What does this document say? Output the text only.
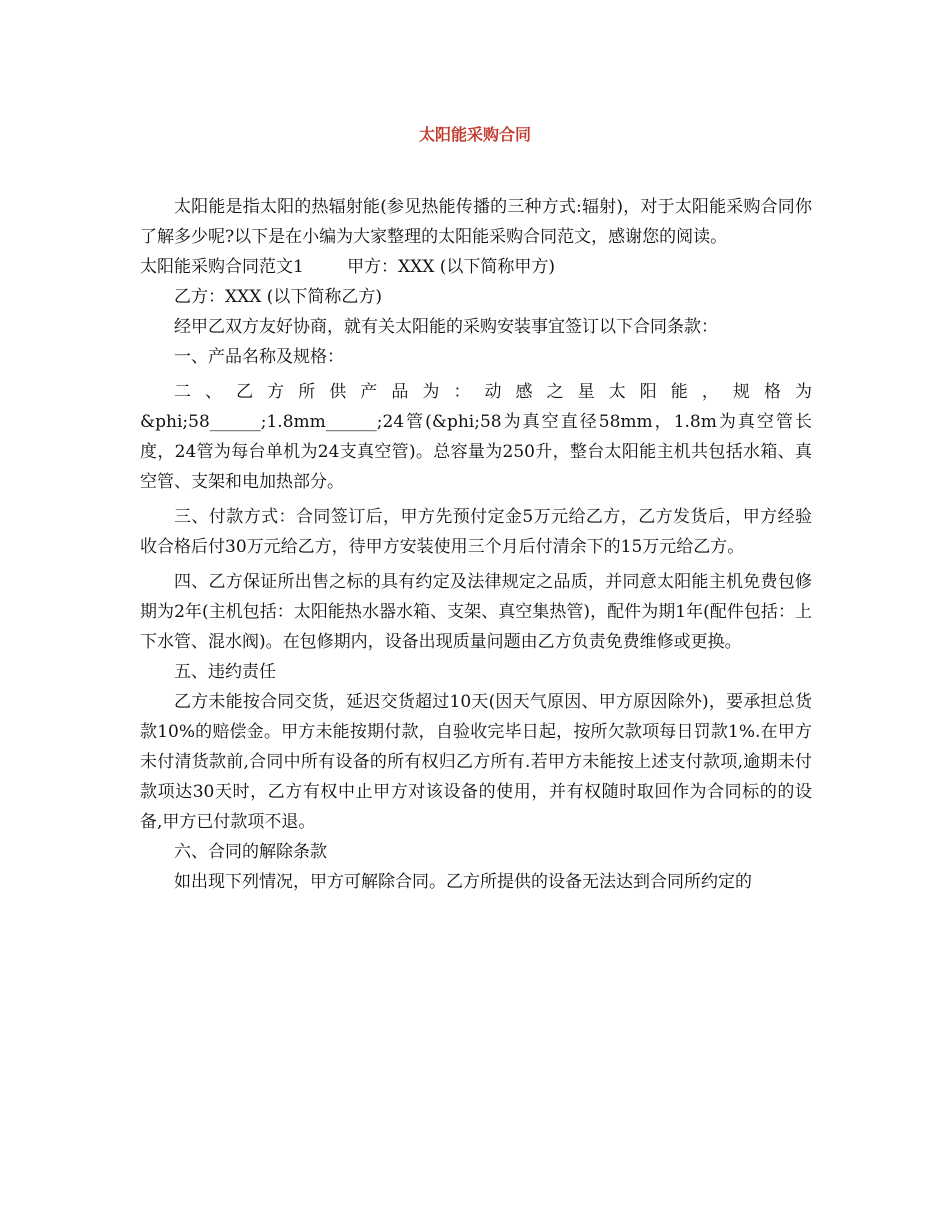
太阳能采购合同

太阳能是指太阳的热辐射能(参见热能传播的三种方式:辐射)，对于太阳能采购合同你了解多少呢?以下是在小编为大家整理的太阳能采购合同范文，感谢您的阅读。

太阳能采购合同范文1	甲方：XXX (以下简称甲方)

乙方：XXX (以下简称乙方)

经甲乙双方友好协商，就有关太阳能的采购安装事宜签订以下合同条款：

一、产品名称及规格：

二 、 乙 方 所 供 产 品 为 ： 动 感 之 星 太 阳 能 ， 规 格 为

&phi;58______;1.8mm______;24管(&phi;58为真空直径58mm，1.8m为真空管长度，24管为每台单机为24支真空管)。总容量为250升，整台太阳能主机共包括水箱、真空管、支架和电加热部分。

三、付款方式：合同签订后，甲方先预付定金5万元给乙方，乙方发货后，甲方经验收合格后付30万元给乙方，待甲方安装使用三个月后付清余下的15万元给乙方。

四、乙方保证所出售之标的具有约定及法律规定之品质，并同意太阳能主机免费包修期为2年(主机包括：太阳能热水器水箱、支架、真空集热管)，配件为期1年(配件包括：上下水管、混水阀)。在包修期内，设备出现质量问题由乙方负责免费维修或更换。

五、违约责任

乙方未能按合同交货，延迟交货超过10天(因天气原因、甲方原因除外)，要承担总货款10%的赔偿金。甲方未能按期付款，自验收完毕日起，按所欠款项每日罚款1%.在甲方未付清货款前,合同中所有设备的所有权归乙方所有.若甲方未能按上述支付款项,逾期未付款项达30天时，乙方有权中止甲方对该设备的使用，并有权随时取回作为合同标的的设备,甲方已付款项不退。

六、合同的解除条款

如出现下列情况，甲方可解除合同。乙方所提供的设备无法达到合同所约定的
